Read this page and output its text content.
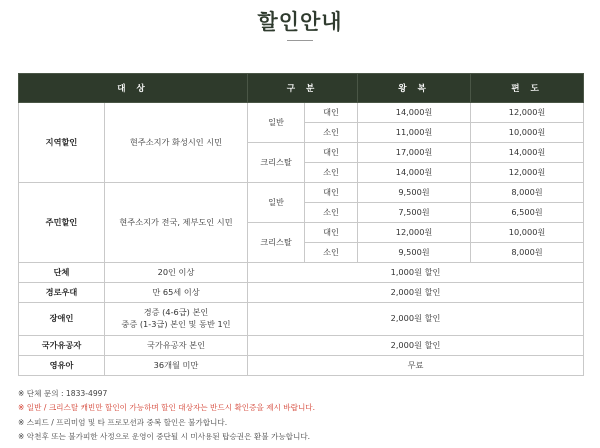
할인안내
대 상		구 분		왕 복	편 도
지역할인	현주소지가 화성시인 시민	일반	대인	14,000원	12,000원
			소인	11,000원	10,000원
		크리스탈	대인	17,000원	14,000원
			소인	14,000원	12,000원
주민할인	현주소지가 전국, 제부도인 시민	일반	대인	9,500원	8,000원
			소인	7,500원	6,500원
		크리스탈	대인	12,000원	10,000원
			소인	9,500원	8,000원
단체	20인 이상	1,000원 할인			
경로우대	만 65세 이상	2,000원 할인			
장애인	경증 (4-6급) 본인
중증 (1-3급) 본인 및 동반 1인	2,000원 할인			
국가유공자	국가유공자 본인	2,000원 할인			
영유아	36개월 미만	무료			
※ 단체 문의 : 1833-4997
※ 일반 / 크리스탈 캐빈만 할인이 가능하며 할인 대상자는 반드시 확인증을 제시 바랍니다.
※ 스피드 / 프리미엄 및 타 프로모션과 중복 할인은 불가합니다.
※ 악천후 또는 불가피한 사정으로 운영이 중단될 시 미사용된 탑승권은 환불 가능합니다.
